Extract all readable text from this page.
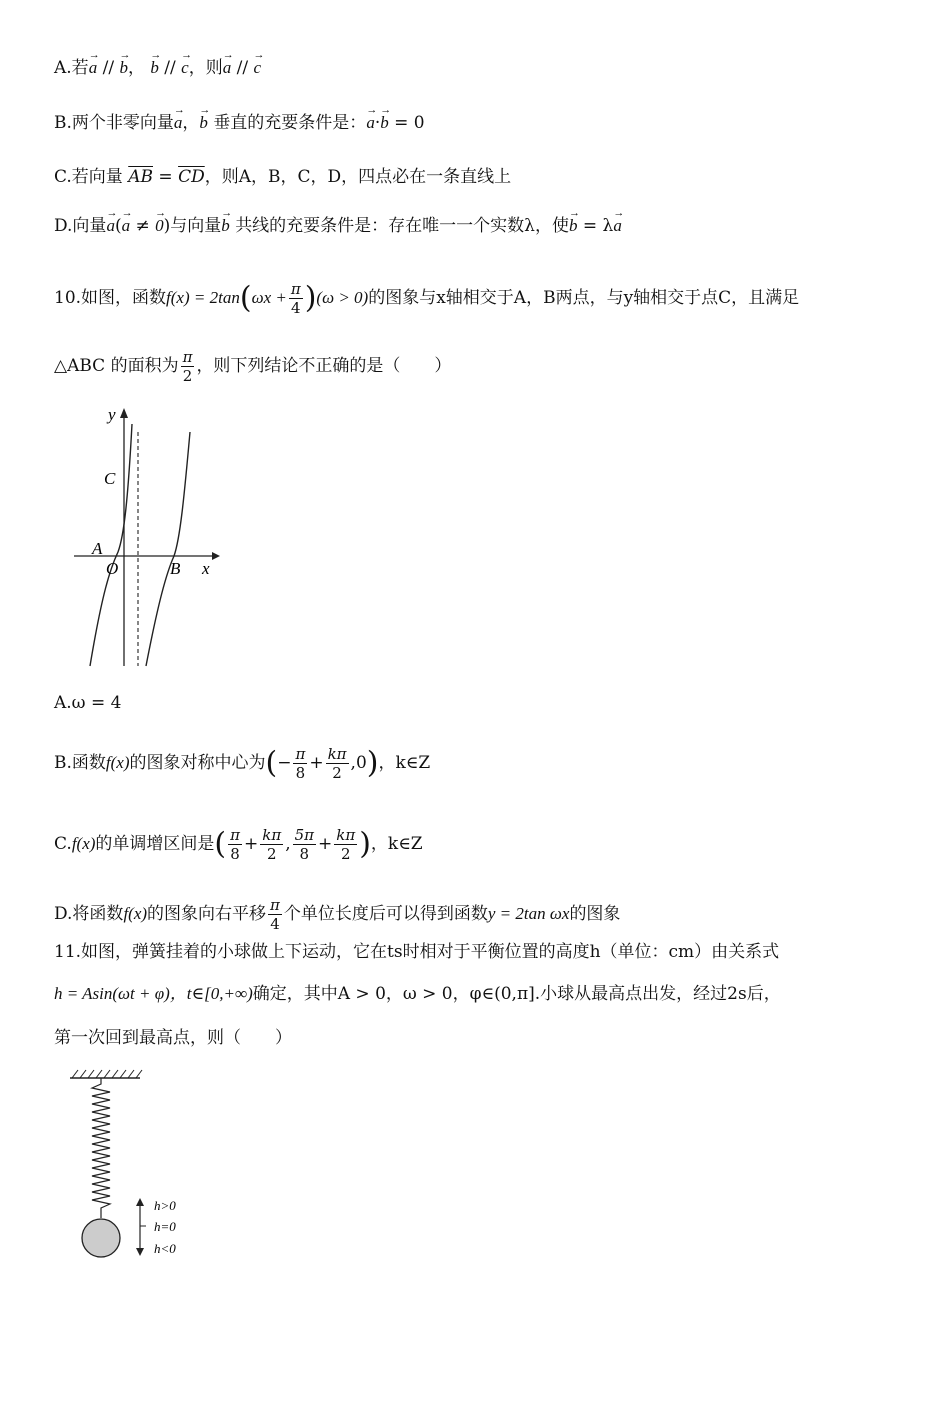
A.若→ a // → b， → b // → c，则→ a // → c
B.两个非零向量→ a，→ b 垂直的充要条件是：→ a·→ b = 0
C.若向量 $\overline{AB} = \overline{CD}$，则A，B，C，D，四点必在一条直线上
D.向量→ a(→ a ≠ → 0)与向量→ b 共线的充要条件是：存在唯一一个实数λ，使→ b = λ→ a
10.如图，函数$f(x) = 2\tan(\omega x + \frac{\pi}{4} )(\omega > 0)$的图象与x轴相交于A，B两点，与y轴相交于点C，且满足
△ABC 的面积为 $\frac{\pi}{2}$ ，则下列结论不正确的是（　　）
y
C
A
O	B x
A.ω = 4
B.函数f(x)的图象对称中心为(− $\frac{\pi}{8} + \frac{k\pi}{2} ,0$)，k∈Z
C.f(x)的单调增区间是( $\frac{\pi}{8} + \frac{k\pi}{2}$ , $\frac{5\pi}{8} + \frac{k\pi}{2}$ )，k∈Z
D.将函数f(x)的图象向右平移 $\frac{\pi}{4}$ 个单位长度后可以得到函数y = 2tan ωx的图象
11.如图，弹簧挂着的小球做上下运动，它在ts时相对于平衡位置的高度h（单位：cm）由关系式
h = Asin(ωt + φ)，t∈[0,+∞)确定，其中A > 0，ω > 0，φ∈(0,π].小球从最高点出发，经过2s后，
第一次回到最高点，则（　　）
h>0
h=0
h<0
